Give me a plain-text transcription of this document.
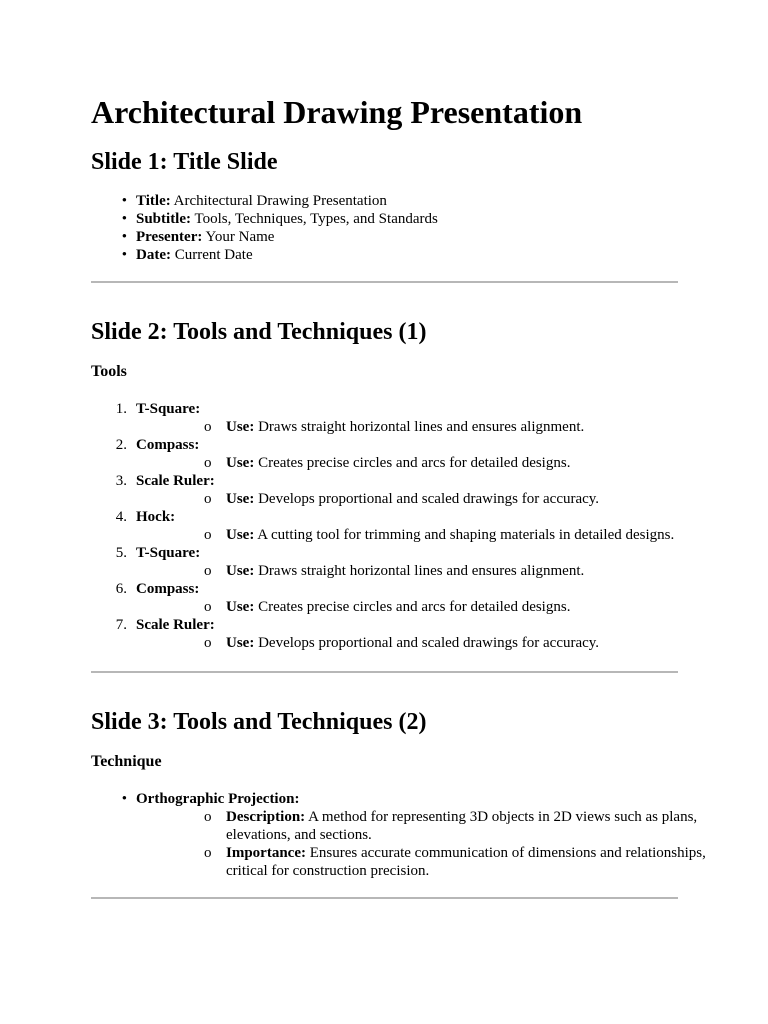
Architectural Drawing Presentation
Slide 1: Title Slide
• Title: Architectural Drawing Presentation
• Subtitle: Tools, Techniques, Types, and Standards
• Presenter: Your Name
• Date: Current Date
Slide 2: Tools and Techniques (1)
Tools
1. T-Square:
o Use: Draws straight horizontal lines and ensures alignment.
2. Compass:
o Use: Creates precise circles and arcs for detailed designs.
3. Scale Ruler:
o Use: Develops proportional and scaled drawings for accuracy.
4. Hock:
o Use: A cutting tool for trimming and shaping materials in detailed designs.
5. T-Square:
o Use: Draws straight horizontal lines and ensures alignment.
6. Compass:
o Use: Creates precise circles and arcs for detailed designs.
7. Scale Ruler:
o Use: Develops proportional and scaled drawings for accuracy.
Slide 3: Tools and Techniques (2)
Technique
• Orthographic Projection:
o Description: A method for representing 3D objects in 2D views such as plans, elevations, and sections.
o Importance: Ensures accurate communication of dimensions and relationships, critical for construction precision.
